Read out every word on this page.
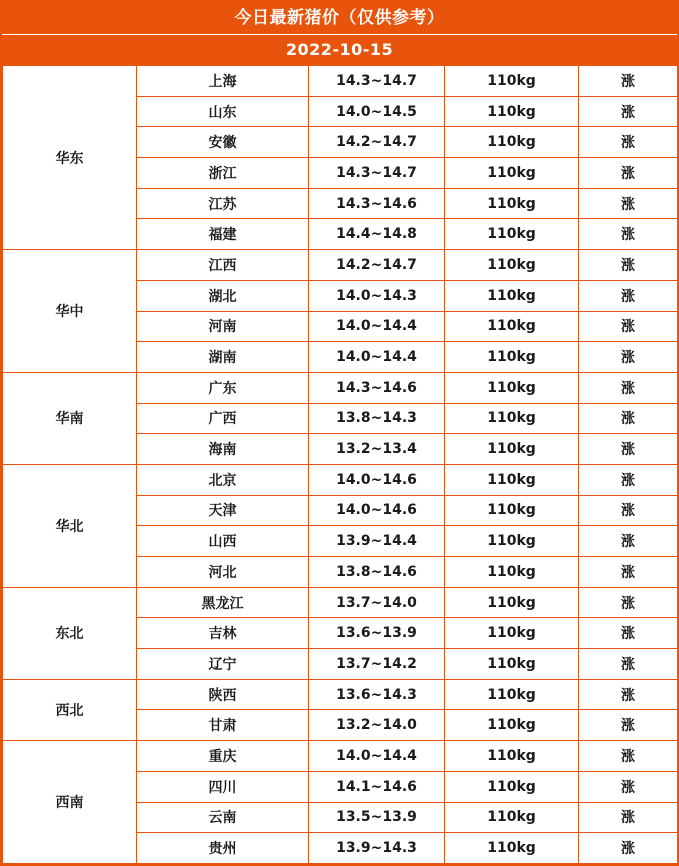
今日最新猪价（仅供参考）
2022-10-15
华东	上海	14.3~14.7	110kg	涨
	山东	14.0~14.5	110kg	涨
	安徽	14.2~14.7	110kg	涨
	浙江	14.3~14.7	110kg	涨
	江苏	14.3~14.6	110kg	涨
	福建	14.4~14.8	110kg	涨
华中	江西	14.2~14.7	110kg	涨
	湖北	14.0~14.3	110kg	涨
	河南	14.0~14.4	110kg	涨
	湖南	14.0~14.4	110kg	涨
华南	广东	14.3~14.6	110kg	涨
	广西	13.8~14.3	110kg	涨
	海南	13.2~13.4	110kg	涨
华北	北京	14.0~14.6	110kg	涨
	天津	14.0~14.6	110kg	涨
	山西	13.9~14.4	110kg	涨
	河北	13.8~14.6	110kg	涨
东北	黑龙江	13.7~14.0	110kg	涨
	吉林	13.6~13.9	110kg	涨
	辽宁	13.7~14.2	110kg	涨
西北	陕西	13.6~14.3	110kg	涨
	甘肃	13.2~14.0	110kg	涨
西南	重庆	14.0~14.4	110kg	涨
	四川	14.1~14.6	110kg	涨
	云南	13.5~13.9	110kg	涨
	贵州	13.9~14.3	110kg	涨
